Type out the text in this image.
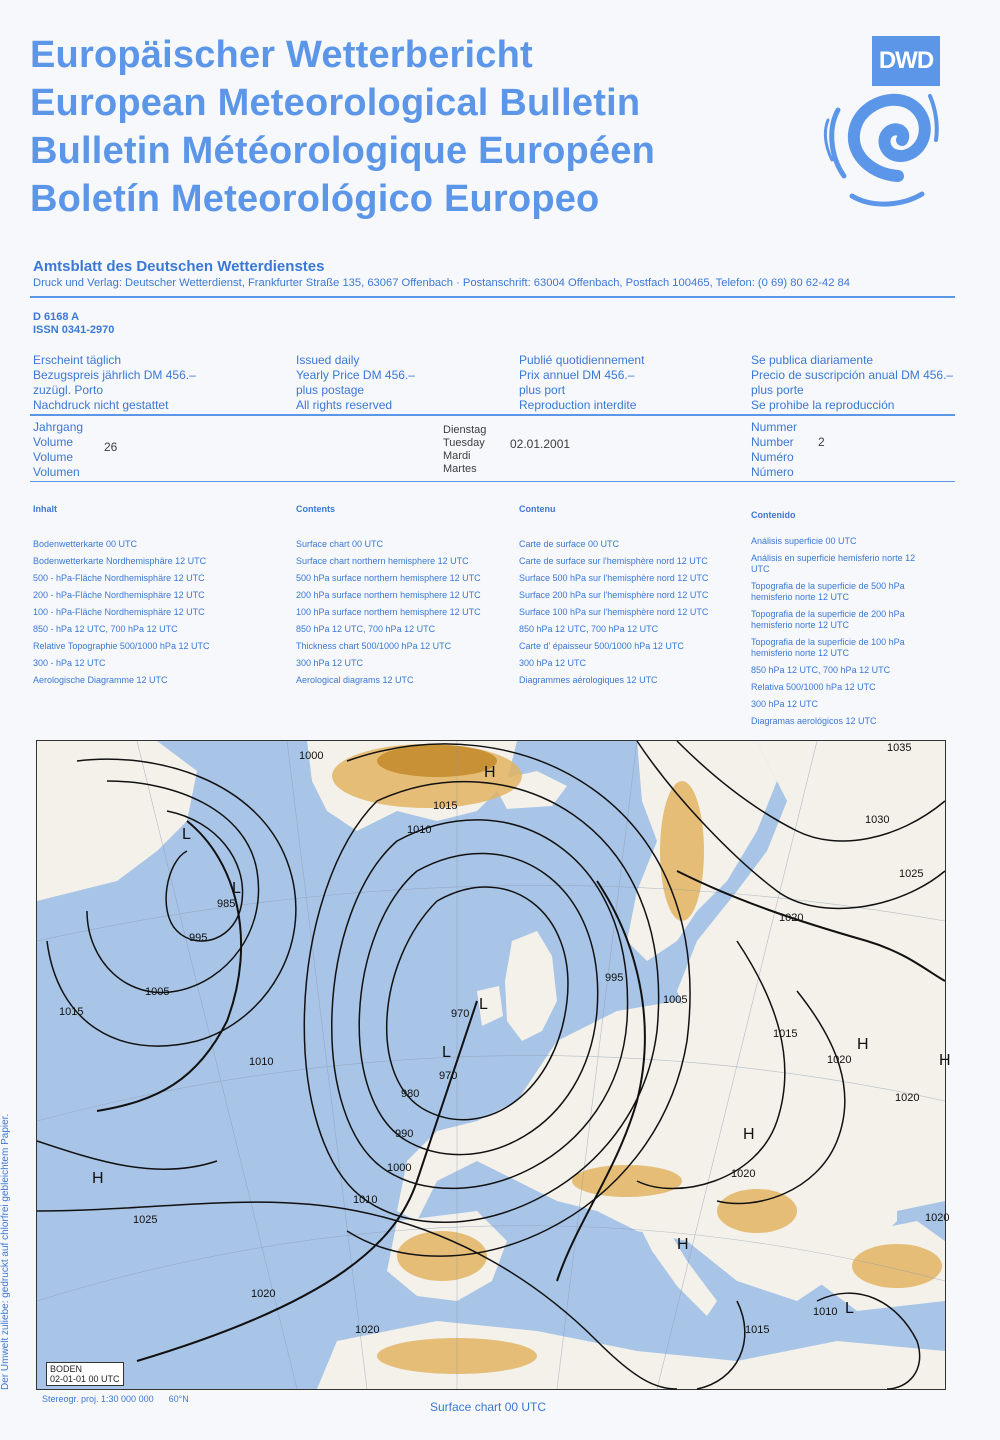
Europäischer Wetterbericht
European Meteorological Bulletin
Bulletin Météorologique Européen
Boletín Meteorológico Europeo
DWD
Amtsblatt des Deutschen Wetterdienstes
Druck und Verlag: Deutscher Wetterdienst, Frankfurter Straße 135, 63067 Offenbach · Postanschrift: 63004 Offenbach, Postfach 100465, Telefon: (0 69) 80 62-42 84
D 6168 A
ISSN 0341-2970
Erscheint täglich
Bezugspreis jährlich DM 456.–
zuzügl. Porto
Nachdruck nicht gestattet
Issued daily
Yearly Price DM 456.–
plus postage
All rights reserved
Publié quotidiennement
Prix annuel DM 456.–
plus port
Reproduction interdite
Se publica diariamente
Precio de suscripción anual DM 456.–
plus porte
Se prohibe la reproducción
Jahrgang
Volume
Volume
Volumen
26
Dienstag
Tuesday
Mardi
Martes
02.01.2001
Nummer
Number
Numéro
Número
2
Inhalt
Bodenwetterkarte 00 UTC
Bodenwetterkarte Nordhemisphäre 12 UTC
500 - hPa-Fläche Nordhemisphäre 12 UTC
200 - hPa-Fläche Nordhemisphäre 12 UTC
100 - hPa-Fläche Nordhemisphäre 12 UTC
850 - hPa 12 UTC, 700 hPa 12 UTC
Relative Topographie 500/1000 hPa 12 UTC
300 - hPa 12 UTC
Aerologische Diagramme 12 UTC
Contents
Surface chart 00 UTC
Surface chart northern hemisphere 12 UTC
500 hPa surface northern hemisphere 12 UTC
200 hPa surface northern hemisphere 12 UTC
100 hPa surface northern hemisphere 12 UTC
850 hPa 12 UTC, 700 hPa 12 UTC
Thickness chart 500/1000 hPa 12 UTC
300 hPa 12 UTC
Aerological diagrams 12 UTC
Contenu
Carte de surface 00 UTC
Carte de surface sur l'hemisphère nord 12 UTC
Surface 500 hPa sur l'hemisphère nord 12 UTC
Surface 200 hPa sur l'hemisphère nord 12 UTC
Surface 100 hPa sur l'hemisphère nord 12 UTC
850 hPa 12 UTC, 700 hPa 12 UTC
Carte d' épaisseur 500/1000 hPa 12 UTC
300 hPa 12 UTC
Diagrammes aérologiques 12 UTC
Contenido
Análisis superficie 00 UTC
Análisis en superficie hemisferio norte 12 UTC
Topografia de la superficie de 500 hPa hemisferio norte 12 UTC
Topografia de la superficie de 200 hPa hemisferio norte 12 UTC
Topografia de la superficie de 100 hPa hemisferio norte 12 UTC
850 hPa 12 UTC, 700 hPa 12 UTC
Relativa 500/1000 hPa 12 UTC
300 hPa 12 UTC
Diagramas aerológicos 12 UTC
1000
1015
1010
1035
1030
1025
1020
1015
1020
1020
995
1005
985
995
1005
1015
1010
970
970
980
990
1000
1010
1025
1020
1020
1020
1010
1015
1020
H
L
L
H
L
H
H
L
L
H
H
BODEN
02-01-01 00 UTC
Stereogr. proj. 1:30 000 000 60°N
Surface chart 00 UTC
Der Umwelt zuliebe: gedruckt auf chlorfrei gebleichtem Papier.
